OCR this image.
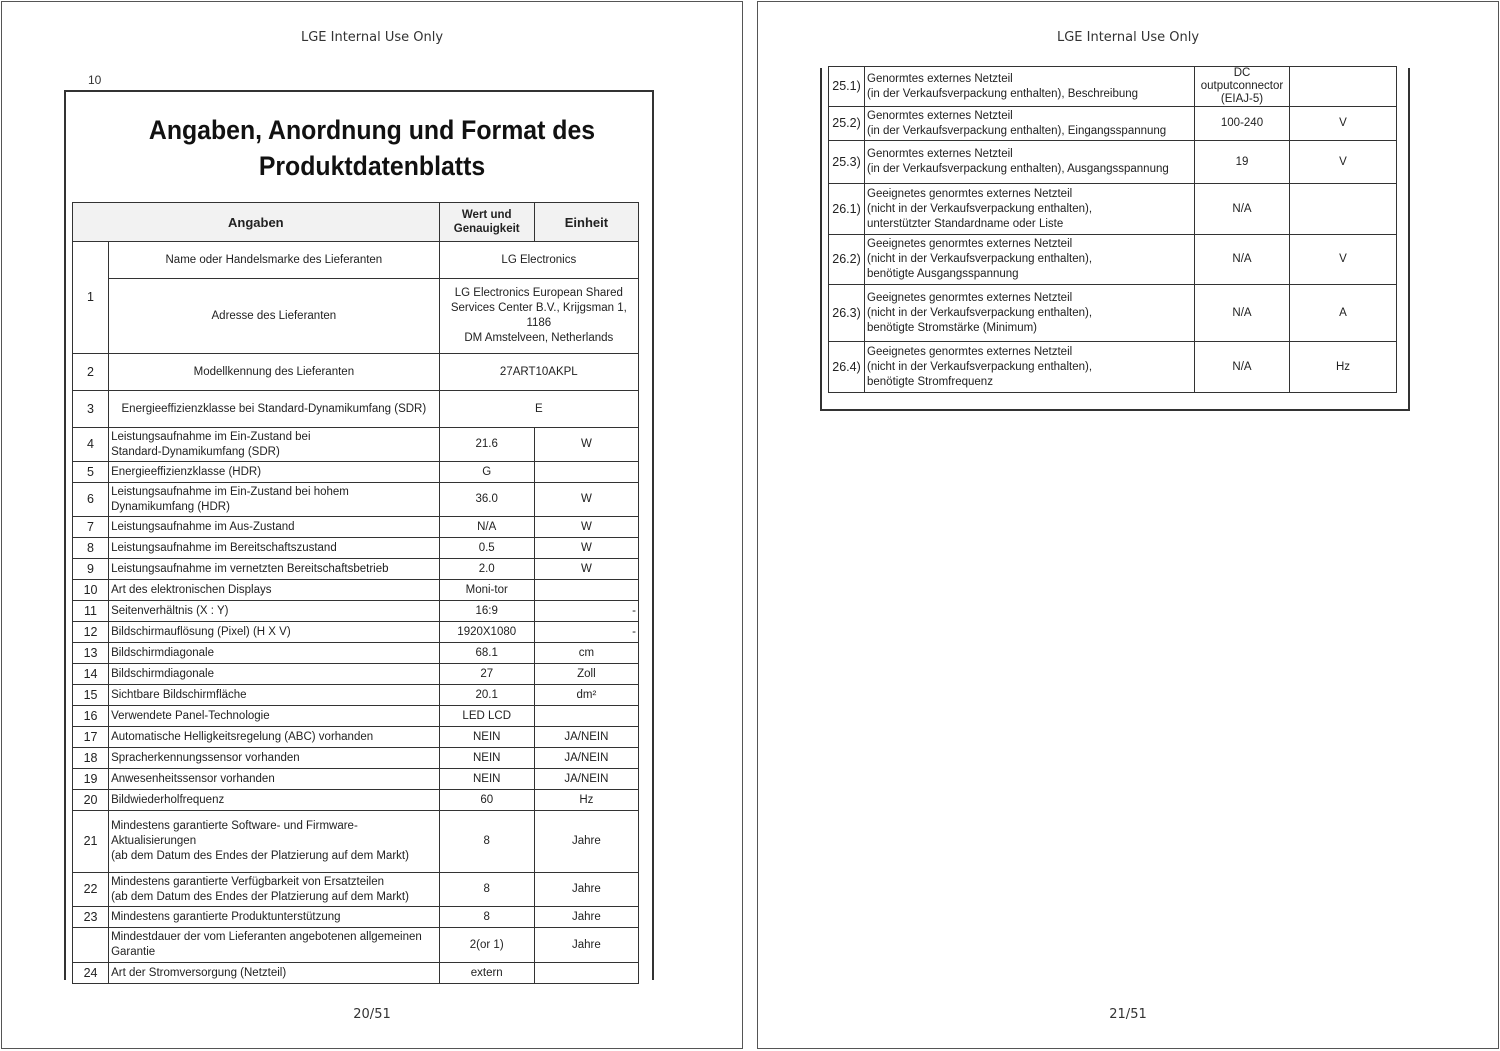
LGE Internal Use Only
10
Angaben, Anordnung und Format des
Produktdatenblatts
20/51
LGE Internal Use Only
21/51
Angaben		Wert und Genauigkeit	Einheit
1	Name oder Handelsmarke des Lieferanten	LG Electronics	
	Adresse des Lieferanten	LG Electronics European Shared
Services Center B.V., Krijgsman 1, 1186
DM Amstelveen, Netherlands	

2	Modellkennung des Lieferanten	27ART10AKPL	
3	Energieeffizienzklasse bei Standard-Dynamikumfang (SDR)	E	
4	Leistungsaufnahme im Ein-Zustand bei
Standard-Dynamikumfang (SDR)	21.6	W
5	Energieeffizienzklasse (HDR)	G	
6	Leistungsaufnahme im Ein-Zustand bei hohem
Dynamikumfang (HDR)	36.0	W
7	Leistungsaufnahme im Aus-Zustand	N/A	W
8	Leistungsaufnahme im Bereitschaftszustand	0.5	W
9	Leistungsaufnahme im vernetzten Bereitschaftsbetrieb	2.0	W
10	Art des elektronischen Displays	Moni-tor	
11	Seitenverhältnis (X : Y)	16:9	-
12	Bildschirmauflösung (Pixel) (H X V)	1920X1080	-
13	Bildschirmdiagonale	68.1	cm
14	Bildschirmdiagonale	27	Zoll
15	Sichtbare Bildschirmfläche	20.1	dm²
16	Verwendete Panel-Technologie	LED LCD	
17	Automatische Helligkeitsregelung (ABC) vorhanden	NEIN	JA/NEIN
18	Spracherkennungssensor vorhanden	NEIN	JA/NEIN
19	Anwesenheitssensor vorhanden	NEIN	JA/NEIN
20	Bildwiederholfrequenz	60	Hz
21	Mindestens garantierte Software- und Firmware-Aktualisierungen
(ab dem Datum des Endes der Platzierung auf dem Markt)	8	Jahre
22	Mindestens garantierte Verfügbarkeit von Ersatzteilen
(ab dem Datum des Endes der Platzierung auf dem Markt)	8	Jahre
23	Mindestens garantierte Produktunterstützung	8	Jahre
	Mindestdauer der vom Lieferanten angebotenen allgemeinen
Garantie	2(or 1)	Jahre
24	Art der Stromversorgung (Netzteil)	extern	
25.1)	Genormtes externes Netzteil
(in der Verkaufsverpackung enthalten), Beschreibung	DC
outputconnector
(EIAJ-5)	
25.2)	Genormtes externes Netzteil
(in der Verkaufsverpackung enthalten), Eingangsspannung	100-240	V
25.3)	Genormtes externes Netzteil
(in der Verkaufsverpackung enthalten), Ausgangsspannung	19	V
26.1)	Geeignetes genormtes externes Netzteil
(nicht in der Verkaufsverpackung enthalten),
unterstützter Standardname oder Liste	N/A	
26.2)	Geeignetes genormtes externes Netzteil
(nicht in der Verkaufsverpackung enthalten),
benötigte Ausgangsspannung	N/A	V
26.3)	Geeignetes genormtes externes Netzteil
(nicht in der Verkaufsverpackung enthalten),
benötigte Stromstärke (Minimum)	N/A	A
26.4)	Geeignetes genormtes externes Netzteil
(nicht in der Verkaufsverpackung enthalten),
benötigte Stromfrequenz	N/A	Hz
